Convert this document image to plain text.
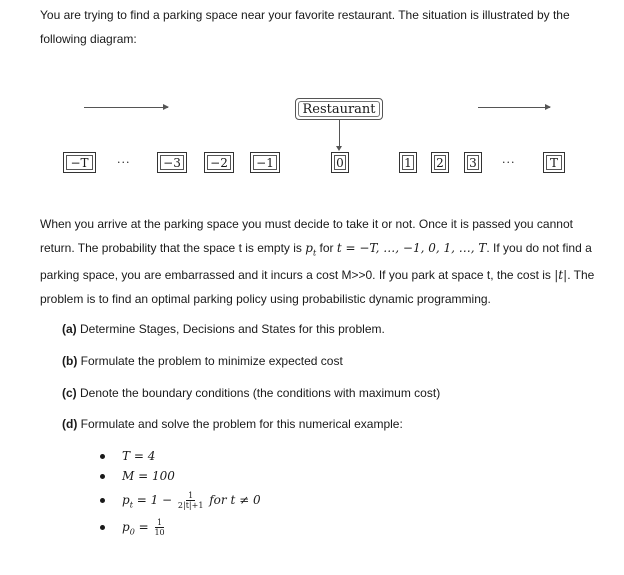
You are trying to find a parking space near your favorite restaurant. The situation is illustrated by the
following diagram:

Restaurant
−T	···	−3 −2 −1	0	1 2 3 ···	T

When you arrive at the parking space you must decide to take it or not. Once it is passed you cannot
return. The probability that the space t is empty is $p_t$ for t = −T, …, −1, 0, 1, …, T. If you do not find a
parking space, you are embarrassed and it incurs a cost M>>0. If you park at space t, the cost is |t|. The
problem is to find an optimal parking policy using probabilistic dynamic programming.

(a) Determine Stages, Decisions and States for this problem.

(b) Formulate the problem to minimize expected cost

(c) Denote the boundary conditions (the conditions with maximum cost)

(d) Formulate and solve the problem for this numerical example:

T = 4
M = 100
$p_t = 1 - \frac{1}{2|t|+1}$ for t ≠ 0
$p_0 = \frac{1}{10}$
